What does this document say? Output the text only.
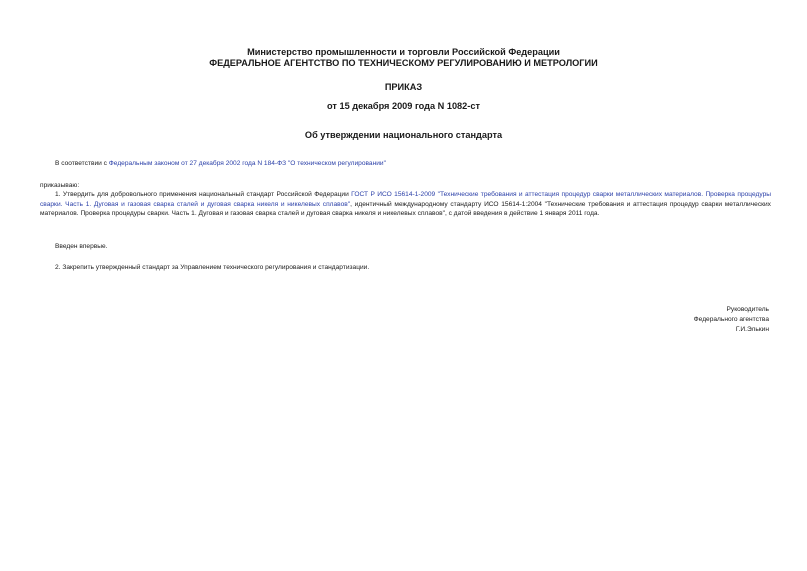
Министерство промышленности и торговли Российской Федерации
ФЕДЕРАЛЬНОЕ АГЕНТСТВО ПО ТЕХНИЧЕСКОМУ РЕГУЛИРОВАНИЮ И МЕТРОЛОГИИ
ПРИКАЗ
от 15 декабря 2009 года N 1082-ст
Об утверждении национального стандарта
В соответствии с Федеральным законом от 27 декабря 2002 года N 184-ФЗ "О техническом регулировании"
приказываю:
1. Утвердить для добровольного применения национальный стандарт Российской Федерации ГОСТ Р ИСО 15614-1-2009 "Технические требования и аттестация процедур сварки металлических материалов. Проверка процедуры сварки. Часть 1. Дуговая и газовая сварка сталей и дуговая сварка никеля и никелевых сплавов", идентичный международному стандарту ИСО 15614-1:2004 "Технические требования и аттестация процедур сварки металлических материалов. Проверка процедуры сварки. Часть 1. Дуговая и газовая сварка сталей и дуговая сварка никеля и никелевых сплавов", с датой введения в действие 1 января 2011 года.
Введен впервые.
2. Закрепить утвержденный стандарт за Управлением технического регулирования и стандартизации.
Руководитель
Федерального агентства
Г.И.Элькин
